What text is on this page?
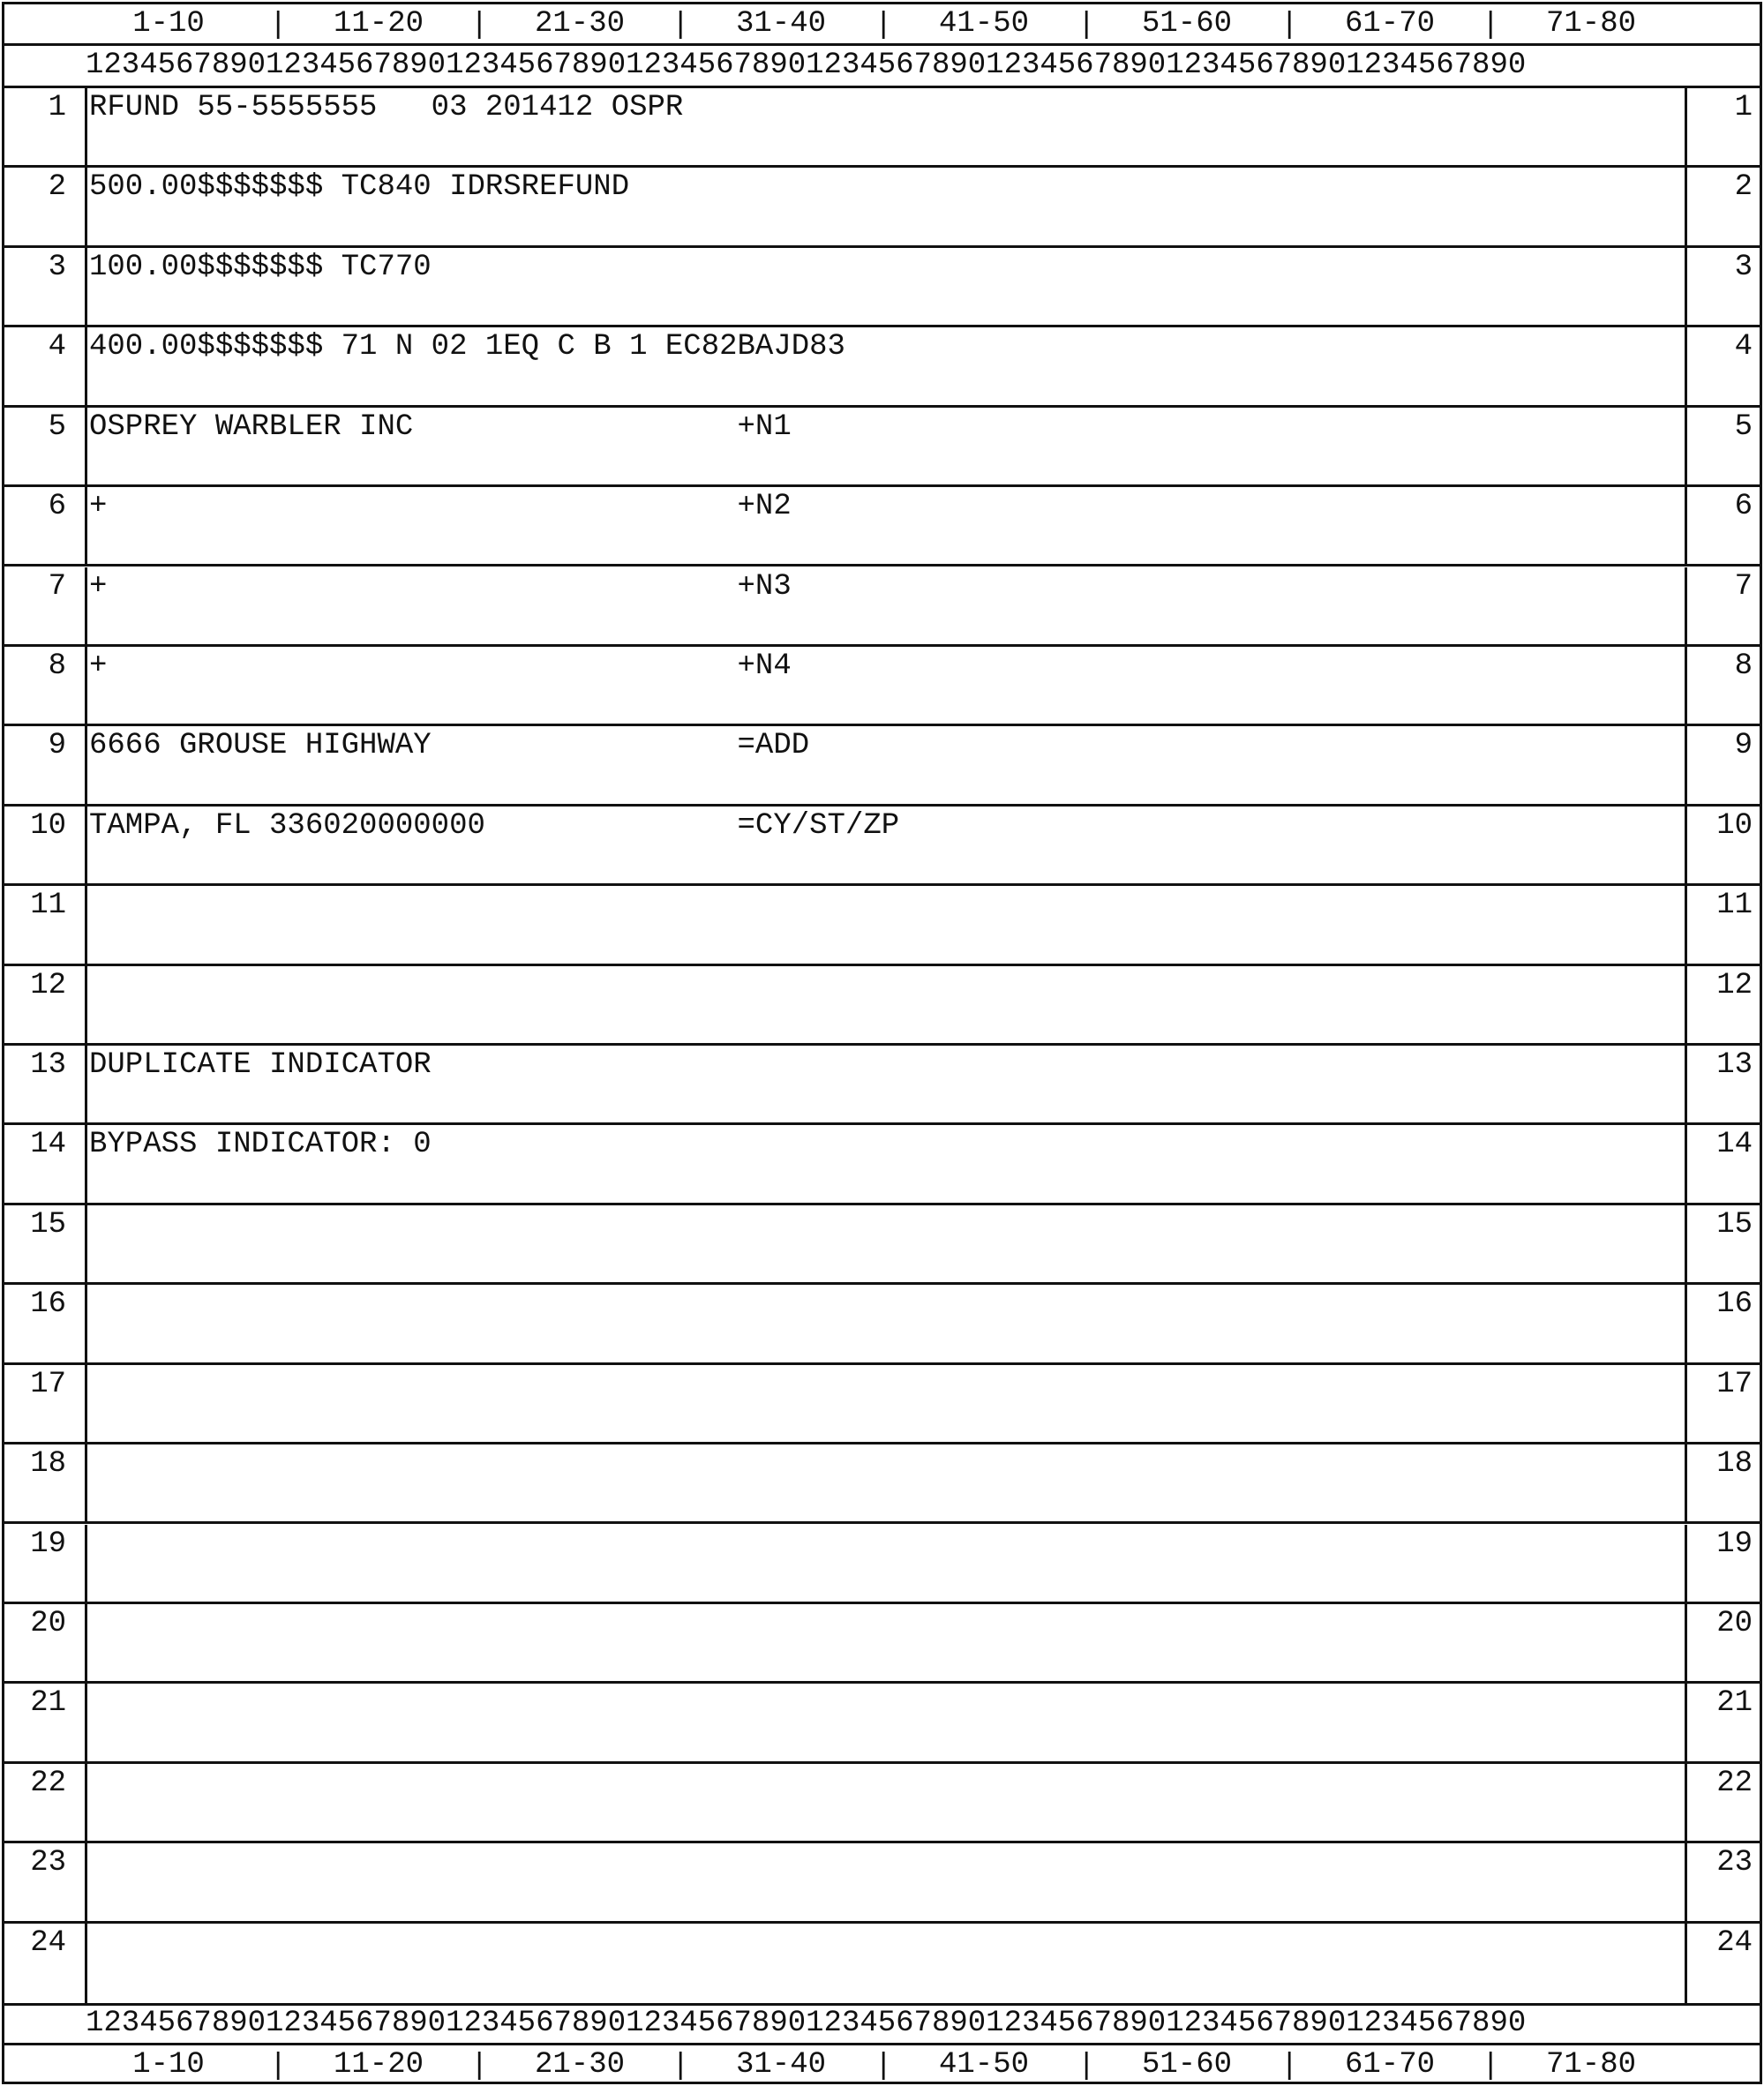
1-10	11-20	21-30	31-40	41-50	51-60	61-70	71-80
|	|	|	|	|	|	|
12345678901234567890123456789012345678901234567890123456789012345678901234567890
1 RFUND 55-5555555   03 201412 OSPR	1
2 500.00$$$$$$$ TC840 IDRSREFUND	2
3 100.00$$$$$$$ TC770	3
4 400.00$$$$$$$ 71 N 02 1EQ C B 1 EC82BAJD83	4
5 OSPREY WARBLER INC                  +N1	5
6 +                                   +N2	6
7 +                                   +N3	7
8 +                                   +N4	8
9 6666 GROUSE HIGHWAY                 =ADD	9
10 TAMPA, FL 336020000000              =CY/ST/ZP	10
11	11
12	12
13 DUPLICATE INDICATOR	13
14 BYPASS INDICATOR: 0	14
15	15
16	16
17	17
18	18
19	19
20	20
21	21
22	22
23	23
24	24
12345678901234567890123456789012345678901234567890123456789012345678901234567890
1-10	11-20	21-30	31-40	41-50	51-60	61-70	71-80
|	|	|	|	|	|	|
